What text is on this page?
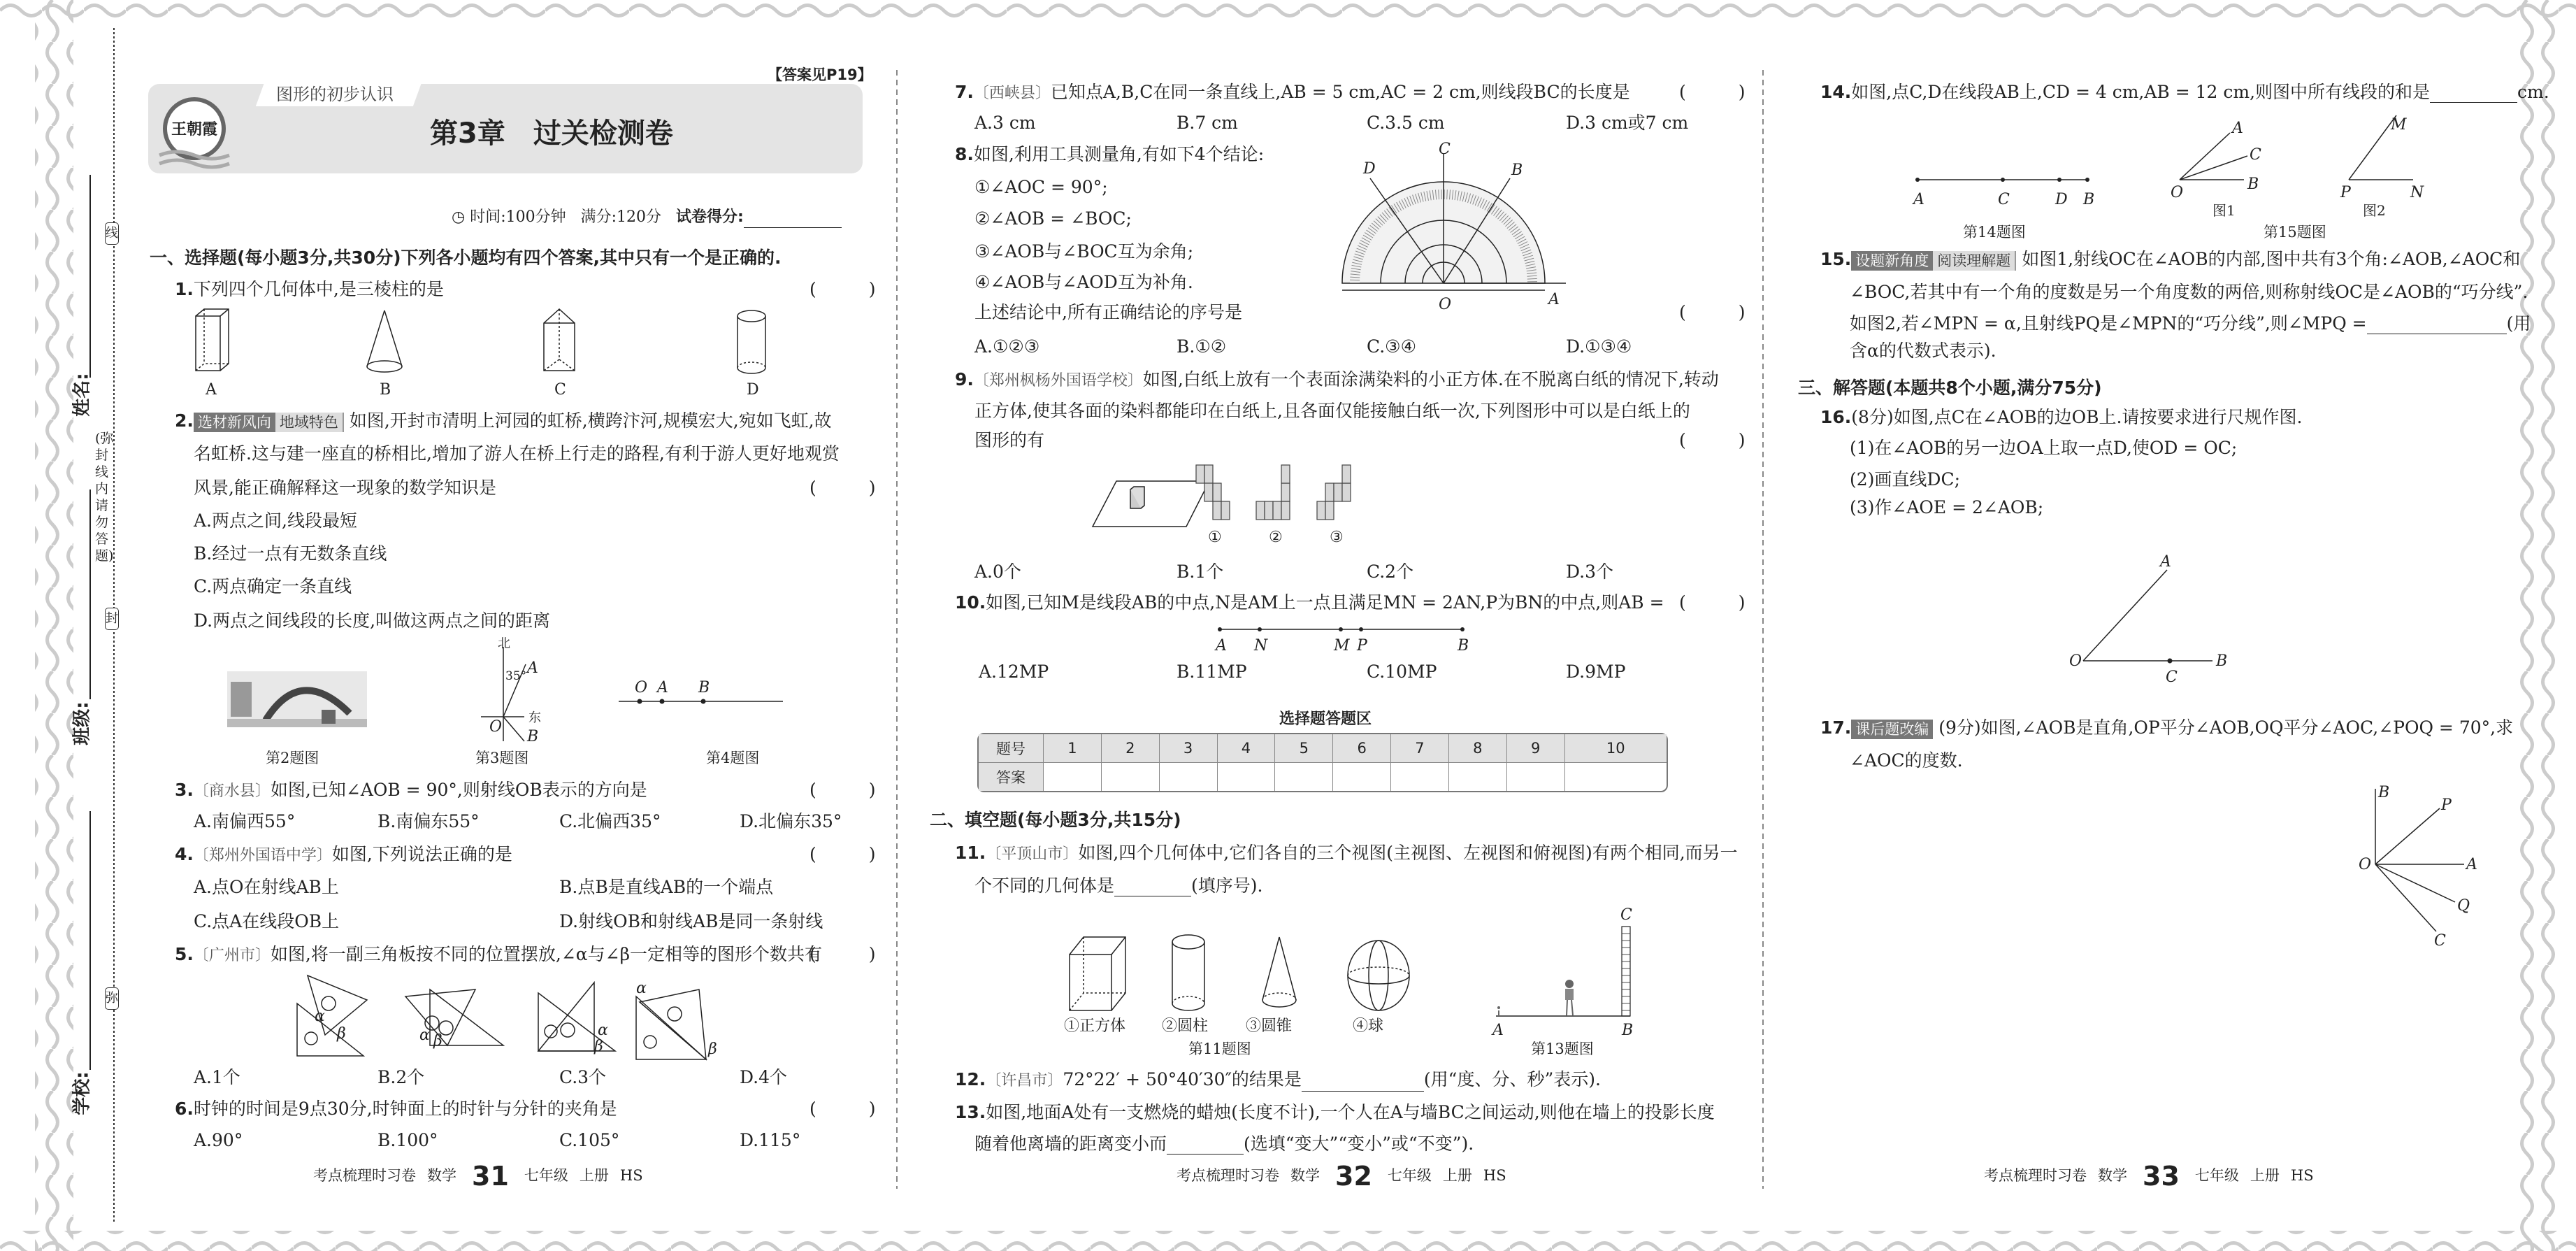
姓名:
班级:
学校:
(弥封线内请勿答题)
线
封
弥
【答案见P19】
图形的初步认识
王朝霞	第3章　过关检测卷
◷ 时间:100分钟 满分:120分 试卷得分:
一、选择题(每小题3分,共30分)下列各小题均有四个答案,其中只有一个是正确的.
1.下列四个几何体中,是三棱柱的是	(　　　)
A	B	C	D
2. 选材新风向 地域特色 如图,开封市清明上河园的虹桥,横跨汴河,规模宏大,宛如飞虹,故
名虹桥.这与建一座直的桥相比,增加了游人在桥上行走的路程,有利于游人更好地观赏
风景,能正确解释这一现象的数学知识是	(　　　)
A.两点之间,线段最短
B.经过一点有无数条直线
C.两点确定一条直线
D.两点之间线段的长度,叫做这两点之间的距离
北
东
35° A
B
O
O A B
第2题图	第3题图	第4题图
3.〔商水县〕如图,已知∠AOB = 90°,则射线OB表示的方向是	(　　　)
A.南偏西55°	B.南偏东55°	C.北偏西35°	D.北偏东35°
4.〔郑州外国语中学〕如图,下列说法正确的是	(　　　)
A.点O在射线AB上	B.点B是直线AB的一个端点
C.点A在线段OB上	D.射线OB和射线AB是同一条射线
5.〔广州市〕如图,将一副三角板按不同的位置摆放,∠α与∠β一定相等的图形个数共有
(　　　)
α
β	α β
α
β
α
β
A.1个	B.2个	C.3个	D.4个
6.时钟的时间是9点30分,时钟面上的时针与分针的夹角是	(　　　)
A.90°	B.100°	C.105°	D.115°
考点梳理时习卷 数学 31 七年级 上册 HS
7.〔西峡县〕已知点A,B,C在同一条直线上,AB = 5 cm,AC = 2 cm,则线段BC的长度是	(　　　)
A.3 cm	B.7 cm	C.3.5 cm	D.3 cm或7 cm
8.如图,利用工具测量角,有如下4个结论:
①∠AOC = 90°;
②∠AOB = ∠BOC;
③∠AOB与∠BOC互为余角;
④∠AOB与∠AOD互为补角.
上述结论中,所有正确结论的序号是	(　　　)
C
D	B
O	A
A.①②③	B.①②	C.③④	D.①③④
9.〔郑州枫杨外国语学校〕如图,白纸上放有一个表面涂满染料的小正方体.在不脱离白纸的情况下,转动
正方体,使其各面的染料都能印在白纸上,且各面仅能接触白纸一次,下列图形中可以是白纸上的
图形的有	(　　　)
①	②	③
A.0个	B.1个	C.2个	D.3个
10.如图,已知M是线段AB的中点,N是AM上一点且满足MN = 2AN,P为BN的中点,则AB = (　　　)
A N	M P	B
A.12MP	B.11MP	C.10MP	D.9MP
选择题答题区
题号	1	2	3	4	5	6	7	8	9	10
答案										
二、填空题(每小题3分,共15分)
11.〔平顶山市〕如图,四个几何体中,它们各自的三个视图(主视图、左视图和俯视图)有两个相同,而另一
个不同的几何体是	(填序号).
①正方体 ②圆柱 ③圆锥	④球
第11题图
C
A	B
第13题图
12.〔许昌市〕72°22′ + 50°40′30″的结果是	(用“度、分、秒”表示).
13.如图,地面A处有一支燃烧的蜡烛(长度不计),一个人在A与墙BC之间运动,则他在墙上的投影长度
随着他离墙的距离变小而	(选填“变大”“变小”或“不变”).
考点梳理时习卷 数学 32 七年级 上册 HS
14.如图,点C,D在线段AB上,CD = 4 cm,AB = 12 cm,则图中所有线段的和是	cm.
A	C	D B
A
C
B
O
M
P	N
图1	图2
第14题图	第15题图
15. 设题新角度 阅读理解题 如图1,射线OC在∠AOB的内部,图中共有3个角:∠AOB,∠AOC和
∠BOC,若其中有一个角的度数是另一个角度数的两倍,则称射线OC是∠AOB的“巧分线”.
如图2,若∠MPN = α,且射线PQ是∠MPN的“巧分线”,则∠MPQ =	(用
含α的代数式表示).
三、解答题(本题共8个小题,满分75分)
16.(8分)如图,点C在∠AOB的边OB上.请按要求进行尺规作图.
(1)在∠AOB的另一边OA上取一点D,使OD = OC;
(2)画直线DC;
(3)作∠AOE = 2∠AOB;
A
O
C
B
17. 课后题改编 (9分)如图,∠AOB是直角,OP平分∠AOB,OQ平分∠AOC,∠POQ = 70°,求
∠AOC的度数.
B
P
O	A
Q
C
考点梳理时习卷 数学 33 七年级 上册 HS
